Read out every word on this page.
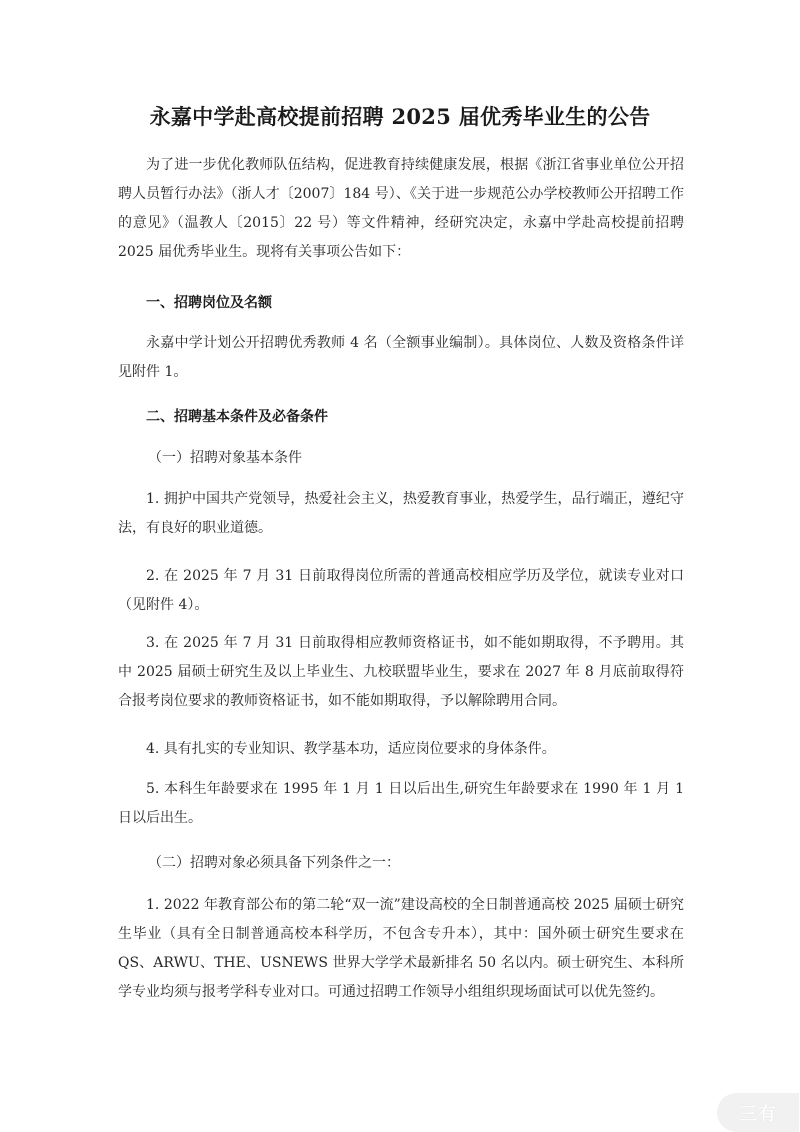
永嘉中学赴高校提前招聘 2025 届优秀毕业生的公告

为了进一步优化教师队伍结构，促进教育持续健康发展，根据《浙江省事业单位公开招聘人员暂行办法》（浙人才〔2007〕184 号）、《关于进一步规范公办学校教师公开招聘工作的意见》（温教人〔2015〕22 号）等文件精神，经研究决定，永嘉中学赴高校提前招聘 2025 届优秀毕业生。现将有关事项公告如下：

一、招聘岗位及名额

永嘉中学计划公开招聘优秀教师 4 名（全额事业编制）。具体岗位、人数及资格条件详见附件 1。

二、招聘基本条件及必备条件

（一）招聘对象基本条件

1. 拥护中国共产党领导，热爱社会主义，热爱教育事业，热爱学生，品行端正，遵纪守法，有良好的职业道德。

2. 在 2025 年 7 月 31 日前取得岗位所需的普通高校相应学历及学位，就读专业对口（见附件 4）。

3. 在 2025 年 7 月 31 日前取得相应教师资格证书，如不能如期取得，不予聘用。其中 2025 届硕士研究生及以上毕业生、九校联盟毕业生，要求在 2027 年 8 月底前取得符合报考岗位要求的教师资格证书，如不能如期取得，予以解除聘用合同。

4. 具有扎实的专业知识、教学基本功，适应岗位要求的身体条件。

5. 本科生年龄要求在 1995 年 1 月 1 日以后出生,研究生年龄要求在 1990 年 1 月 1 日以后出生。

（二）招聘对象必须具备下列条件之一：

1. 2022 年教育部公布的第二轮“双一流”建设高校的全日制普通高校 2025 届硕士研究生毕业（具有全日制普通高校本科学历，不包含专升本），其中：国外硕士研究生要求在 QS、ARWU、THE、USNEWS 世界大学学术最新排名 50 名以内。硕士研究生、本科所学专业均须与报考学科专业对口。可通过招聘工作领导小组组织现场面试可以优先签约。

三有
